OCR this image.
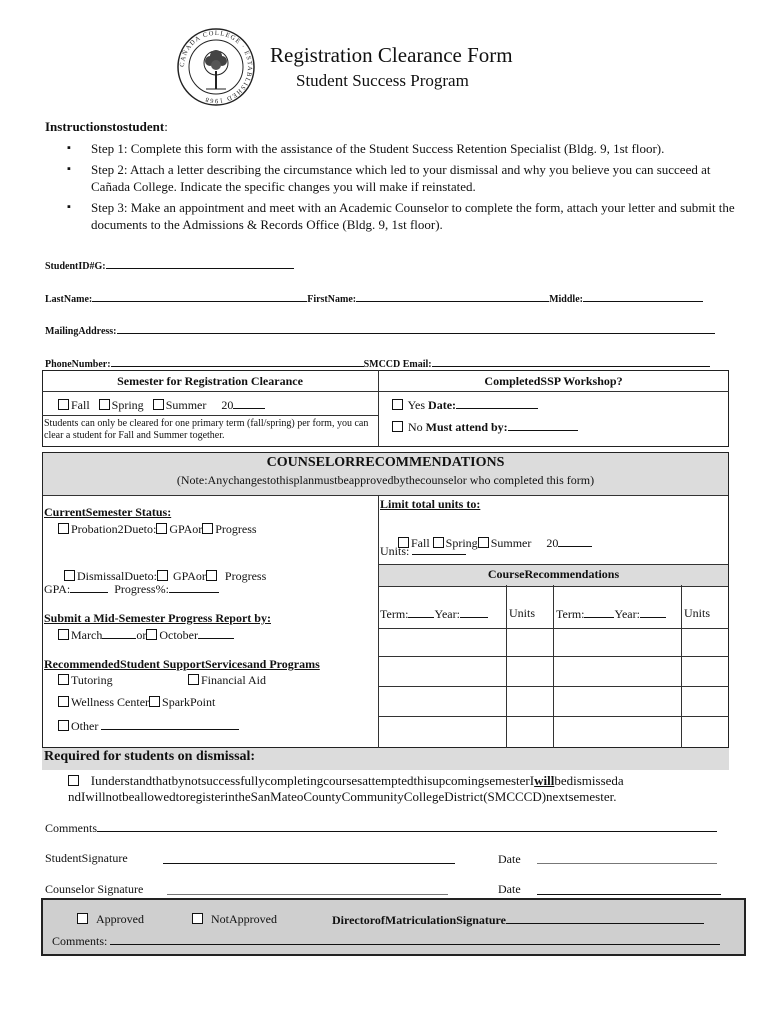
CAÑADA COLLEGE · ESTABLISHED 1968
Registration Clearance Form
Student Success Program
Instructionstostudent:
▪ Step 1: Complete this form with the assistance of the Student Success Retention Specialist (Bldg. 9, 1st floor).
▪ Step 2: Attach a letter describing the circumstance which led to your dismissal and why you believe you can succeed at Cañada College. Indicate the specific changes you will make if reinstated.
▪ Step 3: Make an appointment and meet with an Academic Counselor to complete the form, attach your letter and submit the documents to the Admissions & Records Office (Bldg. 9, 1st floor).
StudentID#G:
LastName:	FirstName:	Middle:
MailingAddress:
PhoneNumber:	SMCCD Email:
Semester for Registration Clearance	CompletedSSP Workshop?
Fall Spring Summer 20
Students can only be cleared for one primary term (fall/spring) per form, you can clear a student for Fall and Summer together.
Yes Date:
No Must attend by:
COUNSELORRECOMMENDATIONS
(Note:Anychangestothisplanmustbeapprovedbythecounselor who completed this form)
CurrentSemester Status:
Probation2Dueto: GPAor Progress

DismissalDueto: GPAor  Progress

GPA:	Progress%:
Submit a Mid-Semester Progress Report by:
March	or October
RecommendedStudent SupportServicesand Programs
Tutoring	Financial Aid
Wellness Center SparkPoint
Other
Limit total units to:

Fall Spring Summer 20

Units:
CourseRecommendations
Term: Year:	Units Term:	Year:	Units
Required for students on dismissal:
IunderstandthatbynotsuccessfullycompletingcoursesattemptedthisupcomingsemesterIwillbedismisseda
ndIwillnotbeallowedtoregisterintheSanMateoCountyCommunityCollegeDistrict(SMCCCD)nextsemester.
Comments
StudentSignature	Date
Counselor Signature	Date
Approved	NotApproved	DirectorofMatriculationSignature
Comments:
